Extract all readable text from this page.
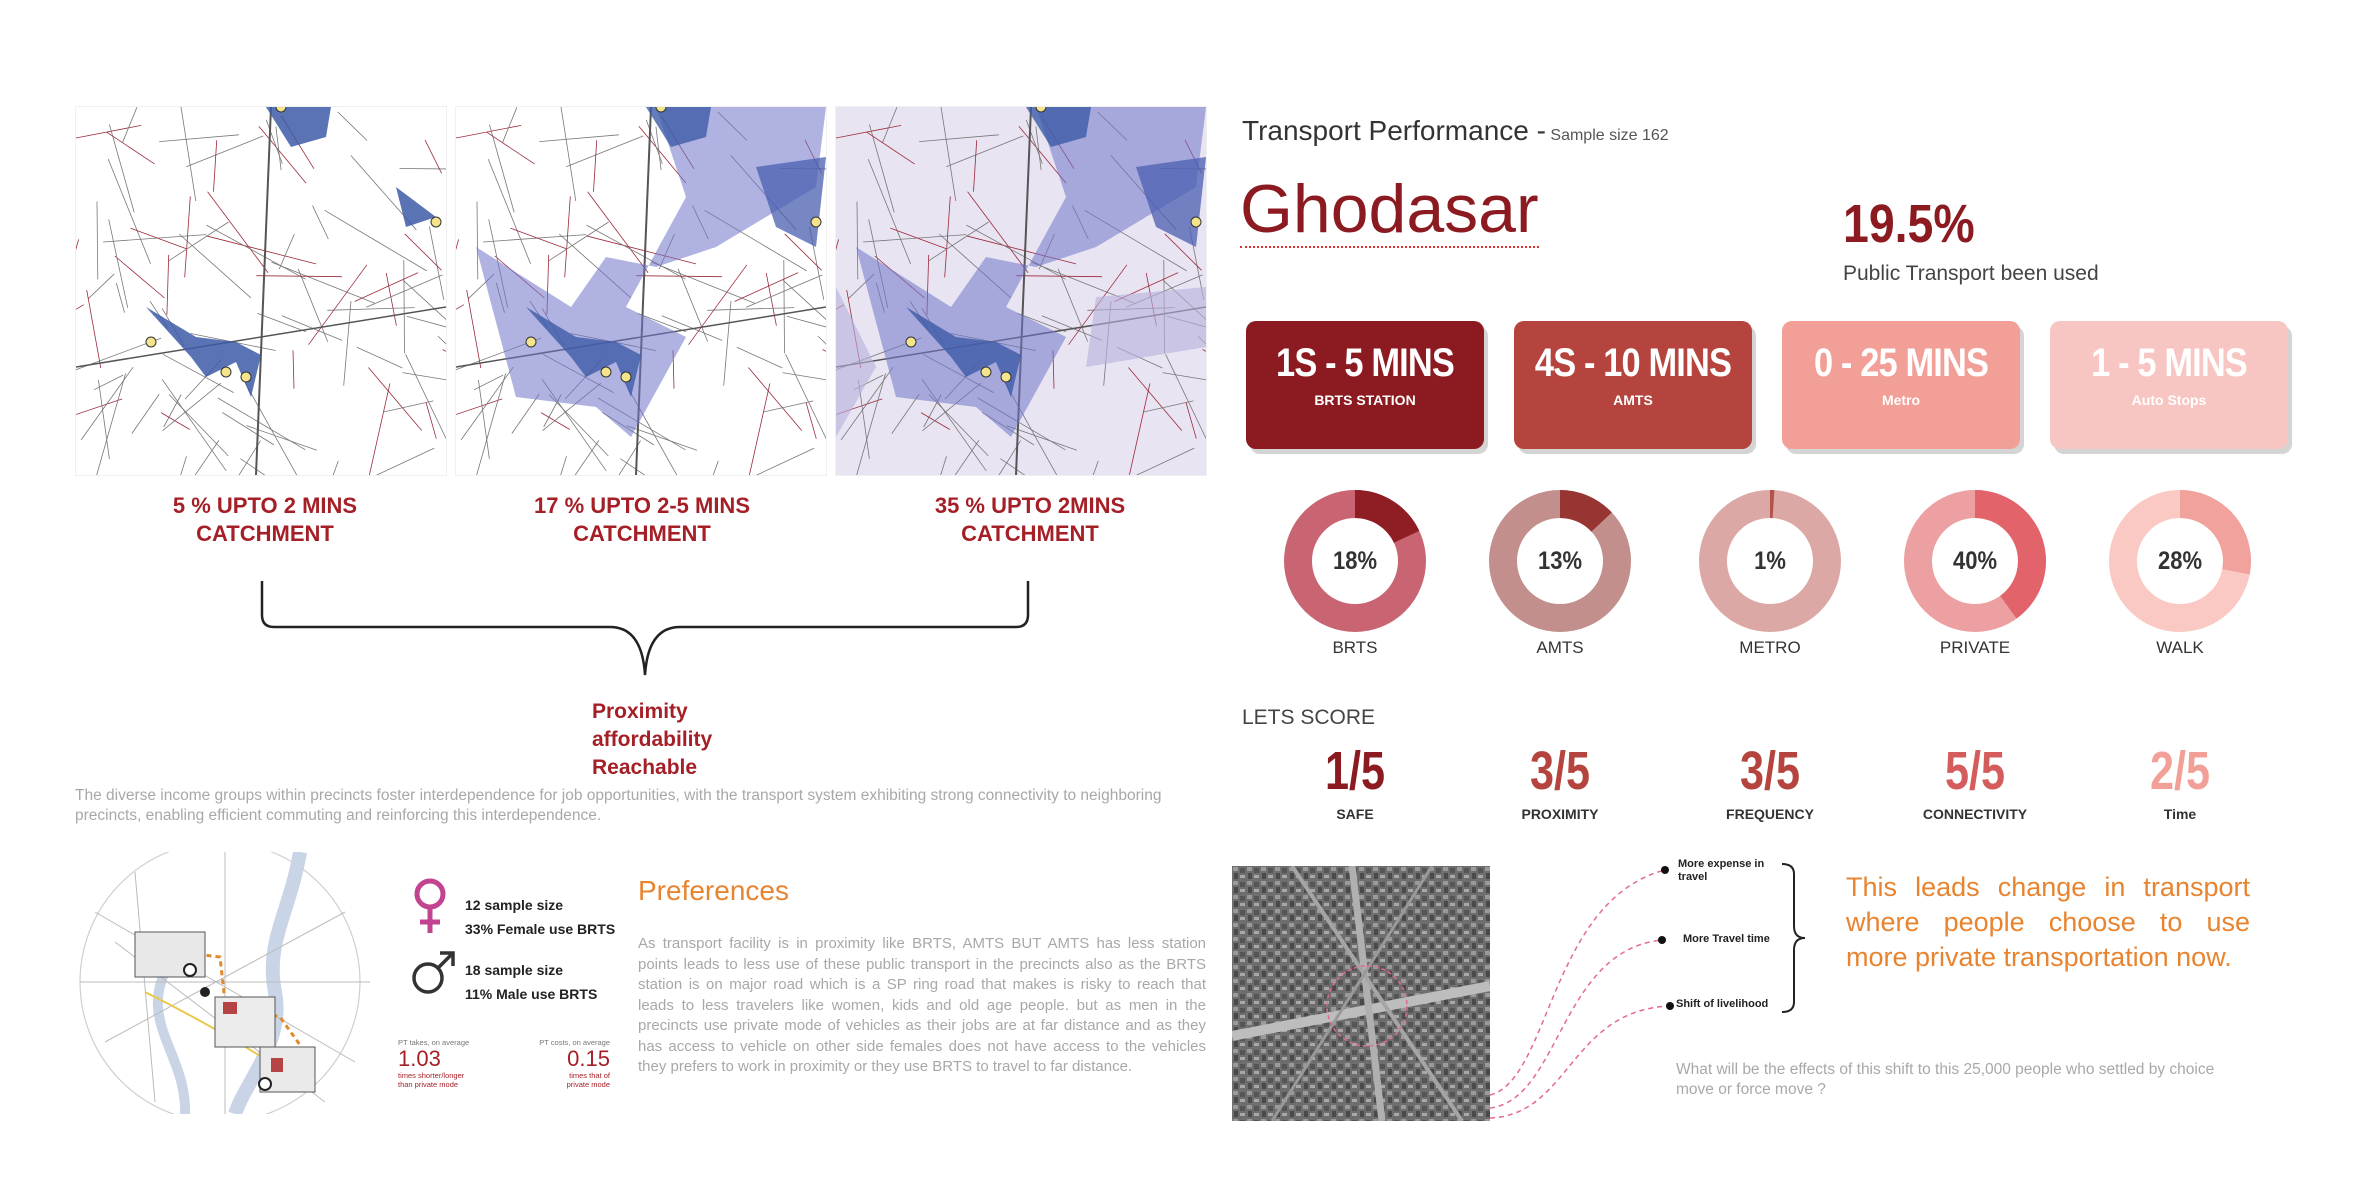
5 % UPTO 2 MINS
CATCHMENT
17 % UPTO 2-5 MINS
CATCHMENT
35 % UPTO 2MINS
CATCHMENT

Proximity

affordability

Reachable

The diverse income groups within precincts foster interdependence for job opportunities, with the transport system exhibiting strong connectivity to neighboring precincts, enabling efficient commuting and reinforcing this interdependence.
12 sample size
33% Female use BRTS
18 sample size
11% Male use BRTS
PT takes, on average
1.03
times shorter/longer
than private mode
PT costs, on average
0.15
times that of
private mode
Preferences
As transport facility is in proximity like BRTS, AMTS BUT AMTS has less station points leads to less use of these public transport in the precincts also as the BRTS station is on major road which is a SP ring road that makes is risky to reach that leads to less travelers like women, kids and old age people. but as men in the precincts use private mode of vehicles as their jobs are at far distance and as they has access to vehicle on other side females does not have access to the vehicles they prefers to work in proximity or they use BRTS to travel to far distance.
Transport Performance - Sample size 162
Ghodasar	19.5%
Public Transport been used
1S - 5 MINS
BRTS STATION
4S - 10 MINS
AMTS
0 - 25 MINS
Metro
1 - 5 MINS
Auto Stops
18%
BRTS
13%
AMTS
1%
METRO
40%
PRIVATE
28%
WALK
LETS SCORE
1/5
SAFE
3/5
PROXIMITY
3/5
FREQUENCY
5/5
CONNECTIVITY
2/5
Time
More expense in travel
More Travel time
Shift of livelihood
This leads change in transport where people choose to use more private transportation now.
What will be the effects of this shift to this 25,000 people who settled by choice move or force move ?
